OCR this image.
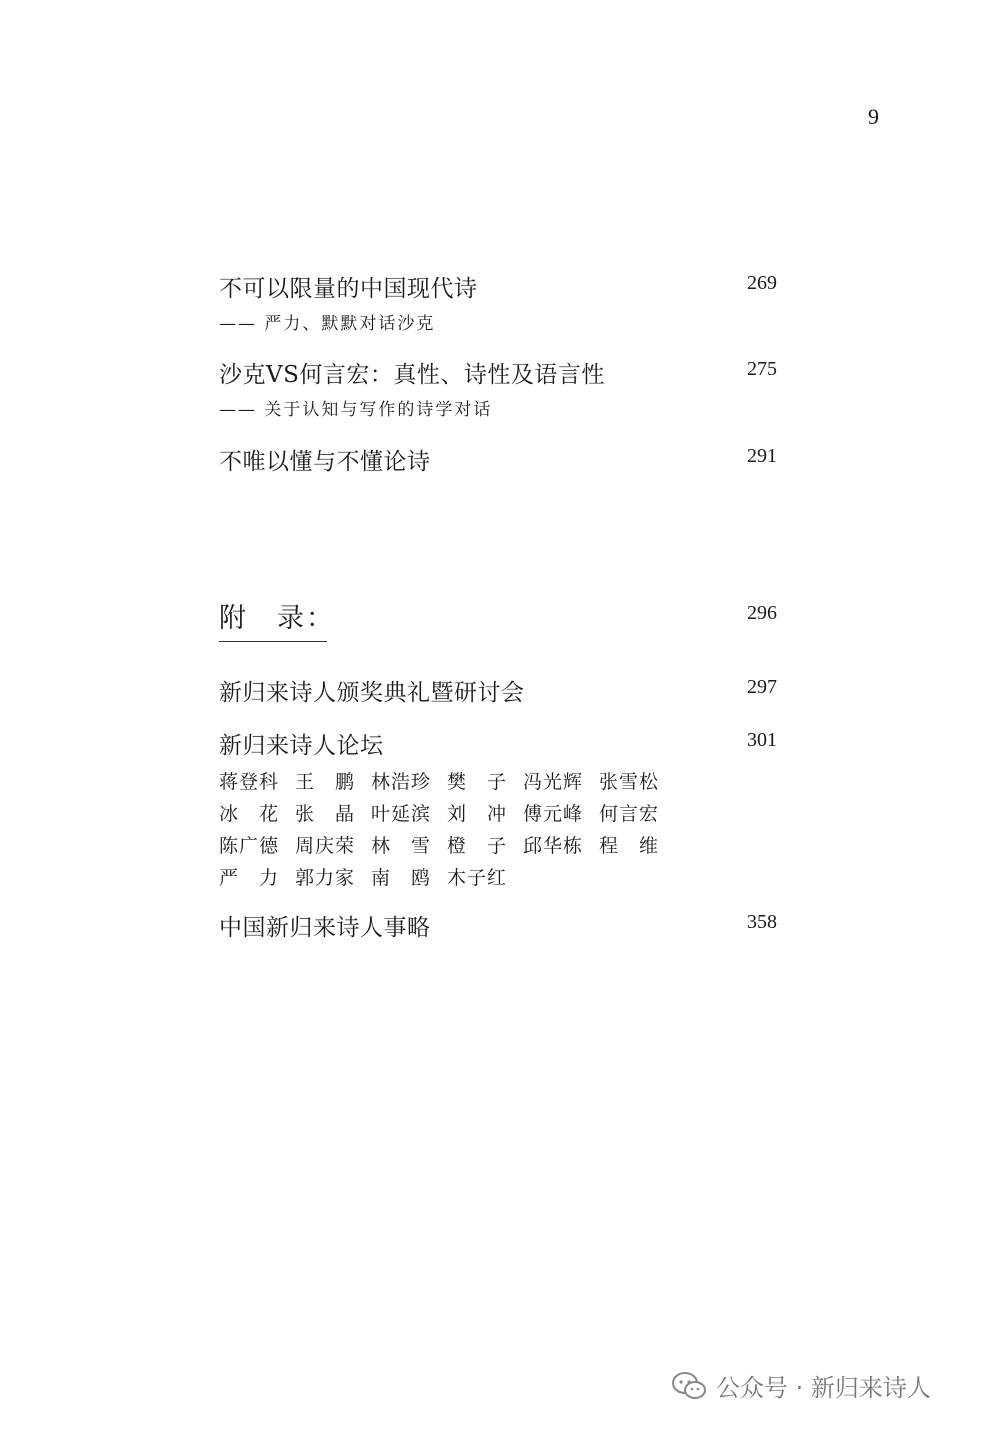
9
不可以限量的中国现代诗	269
—— 严力、默默对话沙克
沙克VS何言宏：真性、诗性及语言性	275
—— 关于认知与写作的诗学对话
不唯以懂与不懂论诗	291
附　录：	296
新归来诗人颁奖典礼暨研讨会	297
新归来诗人论坛	301
蒋登科 王　鹏 林浩珍 樊　子 冯光辉 张雪松
冰　花 张　晶 叶延滨 刘　冲 傅元峰 何言宏
陈广德 周庆荣 林　雪 橙　子 邱华栋 程　维
严　力 郭力家 南　鸥 木子红
中国新归来诗人事略	358
公众号 · 新归来诗人
